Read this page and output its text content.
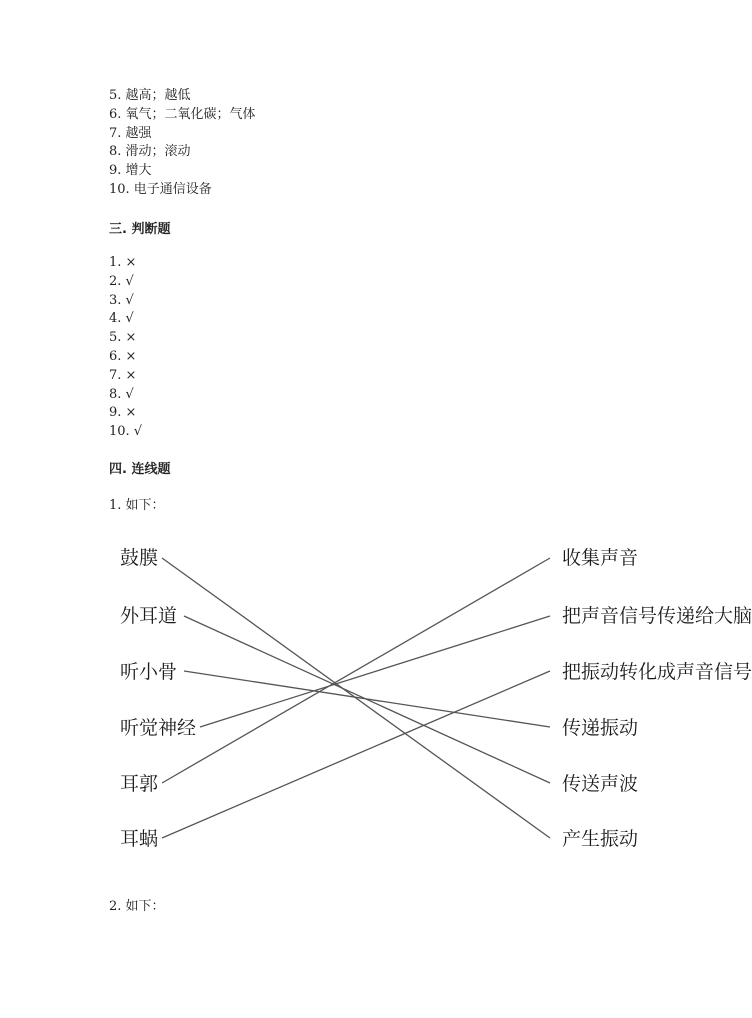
5. 越高；越低
6. 氧气；二氧化碳；气体
7. 越强
8. 滑动；滚动
9. 增大
10. 电子通信设备
三. 判断题
1. ×
2. √
3. √
4. √
5. ×
6. ×
7. ×
8. √
9. ×
10. √
四. 连线题
1. 如下：
鼓膜
外耳道
听小骨
听觉神经
耳郭
耳蜗
收集声音
把声音信号传递给大脑
把振动转化成声音信号
传递振动
传送声波
产生振动
2. 如下：
